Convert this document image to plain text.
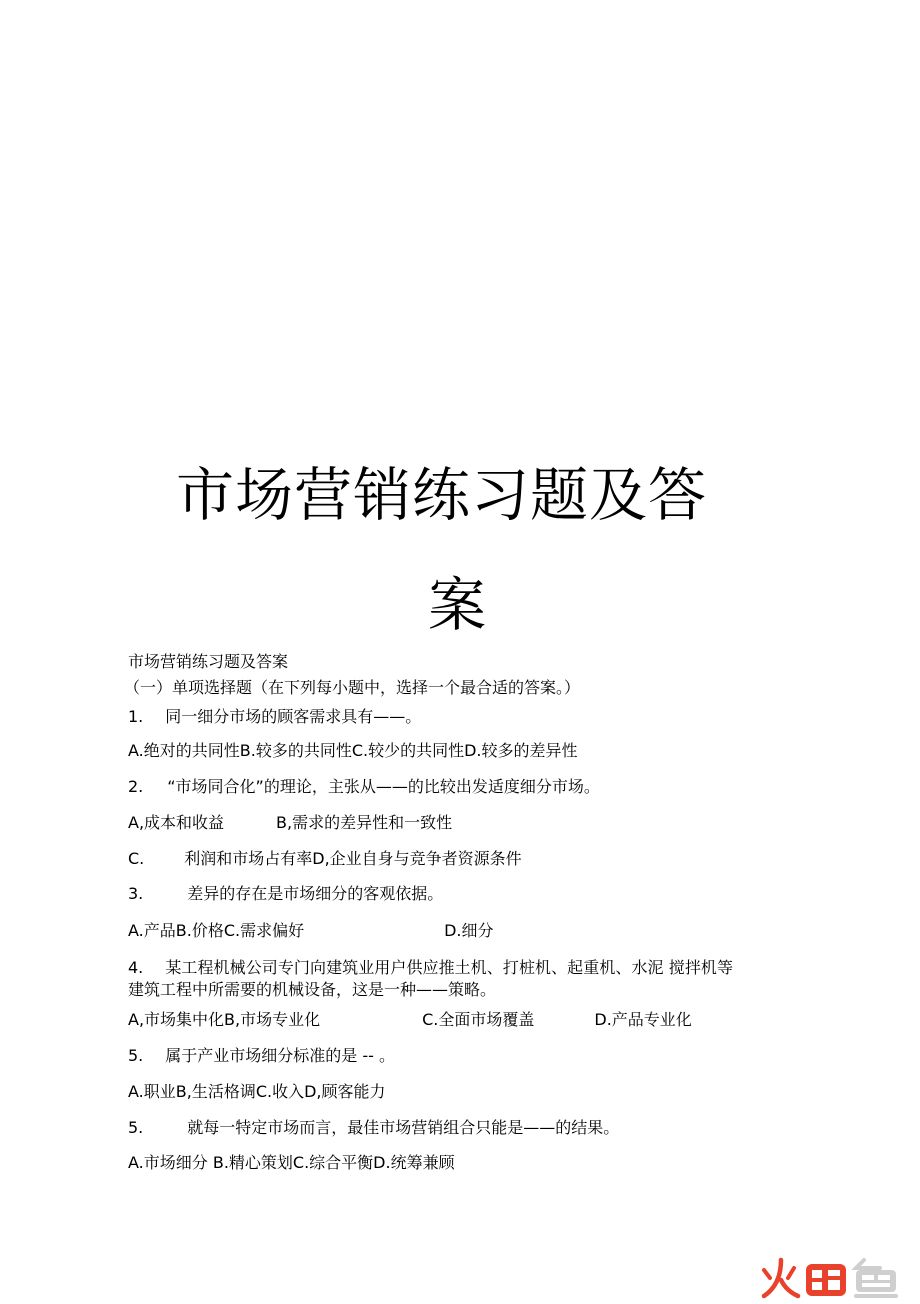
市场营销练习题及答
案

市场营销练习题及答案

（一）单项选择题（在下列每小题中，选择一个最合适的答案。）

1. 同一细分市场的顾客需求具有——。

A.绝对的共同性B.较多的共同性C.较少的共同性D.较多的差异性

2. “市场同合化”的理论，主张从——的比较出发适度细分市场。

A,成本和收益	B,需求的差异性和一致性

C.	利润和市场占有率D,企业自身与竞争者资源条件

3.	差异的存在是市场细分的客观依据。

A.产品B.价格C.需求偏好	D.细分

4. 某工程机械公司专门向建筑业用户供应推土机、打桩机、起重机、水泥 搅拌机等建筑工程中所需要的机械设备，这是一种——策略。

A,市场集中化B,市场专业化	C.全面市场覆盖	D.产品专业化

5. 属于产业市场细分标准的是 -- 。

A.职业B,生活格调C.收入D,顾客能力

5.	就每一特定市场而言，最佳市场营销组合只能是——的结果。

A.市场细分 B.精心策划C.综合平衡D.统筹兼顾
